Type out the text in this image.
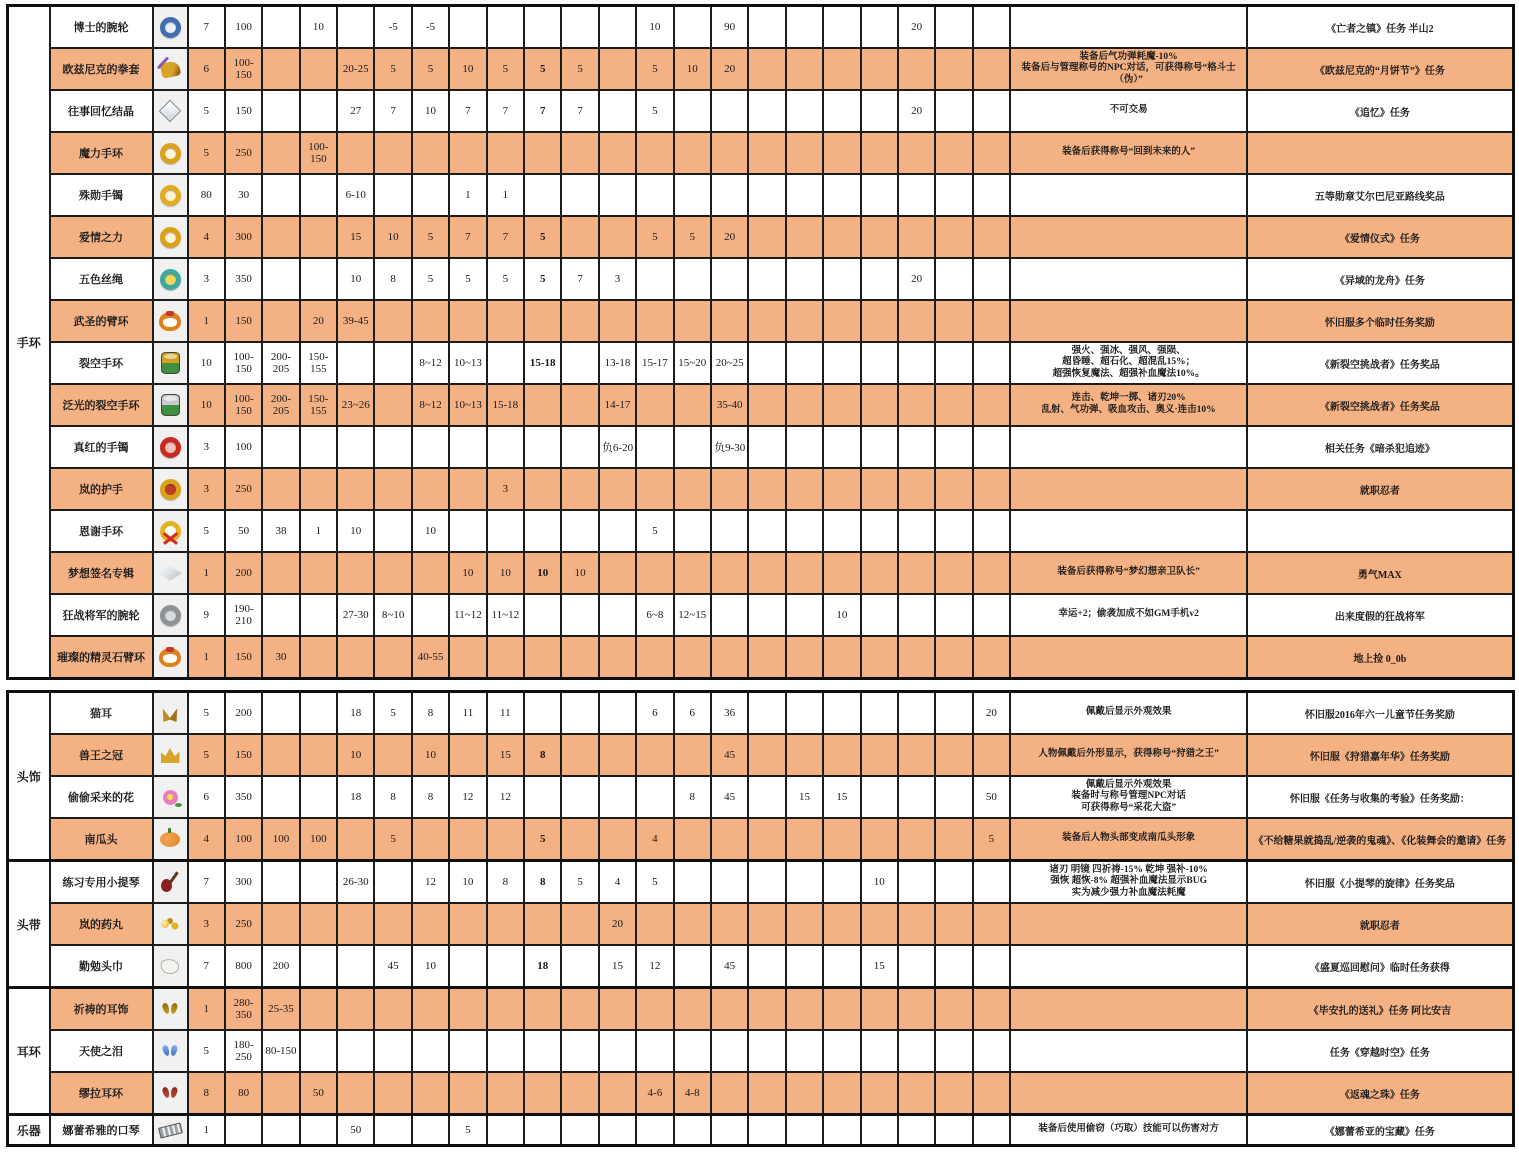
手环	博士的腕轮		7	100		10		-5	-5						10		90					20				《亡者之镇》任务 半山2
	欧兹尼克的拳套		6	100-150			20-25	5	5	10	5	5	5		5	10	20								装备后气功弹耗魔-10%
装备后与管理称号的NPC对话，可获得称号“格斗士（伪）”	《欧兹尼克的“月饼节”》任务
	往事回忆结晶		5	150			27	7	10	7	7	7	7		5							20			不可交易	《追忆》任务
	魔力手环		5	250		100-150																			装备后获得称号“回到未来的人”	

	殊勋手镯		80	30			6-10			1	1															五等勋章艾尔巴尼亚路线奖品
	爱情之力		4	300			15	10	5	7	7	5			5	5	20									《爱情仪式》任务
	五色丝绳		3	350			10	8	5	5	5	5	7	3								20				《异域的龙舟》任务
	武圣的臂环		1	150		20	39-45																			怀旧服多个临时任务奖励
	裂空手环		10	100-150	200-205	150-155			8~12	10~13		15-18		13-18	15-17	15~20	20~25								强火、强冰、强风、强陨、
超昏睡、超石化、超混乱15%；
超强恢复魔法、超强补血魔法10%。	《新裂空挑战者》任务奖品
	泛光的裂空手环		10	100-150	200-205	150-155	23~26		8~12	10~13	15-18			14-17			35-40								连击、乾坤一掷、诸刃20%
乱射、气功弹、吸血攻击、奥义·连击10%	《新裂空挑战者》任务奖品
	真红的手镯		3	100										负6-20			负9-30									相关任务《暗杀犯追迹》
	岚的护手		3	250							3															就职忍者
	恩谢手环		5	50	38	1	10		10						5											
	梦想签名专辑		1	200						10	10	10	10												装备后获得称号“梦幻想亲卫队长”	勇气MAX
	狂战将军的腕轮		9	190-210			27-30	8~10		11~12	11~12				6~8	12~15				10					幸运+2；偷袭加成不如GM手机v2	出来度假的狂战将军
	璀璨的精灵石臂环		1	150	30				40-55																	地上捡 0_0b
头饰	猫耳		5	200			18	5	8	11	11				6	6	36							20	佩戴后显示外观效果	怀旧服2016年六一儿童节任务奖励
	兽王之冠		5	150			10		10		15	8					45								人物佩戴后外形显示，获得称号“狩猎之王”	怀旧服《狩猎嘉年华》任务奖励
	偷偷采来的花		6	350			18	8	8	12	12					8	45		15	15				50	佩戴后显示外观效果
装备时与称号管理NPC对话
可获得称号“采花大盗”	怀旧服《任务与收集的考验》任务奖励：
	南瓜头		4	100	100	100		5				5			4									5	装备后人物头部变成南瓜头形象	《不给糖果就捣乱/逆袭的鬼魂》、《化装舞会的邀请》任务
头带	练习专用小提琴		7	300			26-30		12	10	8	8	5	4	5						10				诸刃 明镜 四祈祷-15% 乾坤 强补-10%
强恢 超恢-8% 超强补血魔法显示BUG
实为减少强力补血魔法耗魔	怀旧服《小提琴的旋律》任务奖品
	岚的药丸		3	250										20												就职忍者
	勤勉头巾		7	800	200			45	10			18		15	12		45				15					《盛夏巡回慰问》临时任务获得
耳环	祈祷的耳饰		1	280-350	25-35																					《毕安扎的送礼》任务 阿比安吉
	天使之泪		5	180-250	80-150																					任务《穿越时空》任务
	缪拉耳环		8	80		50									4-6	4-8										《返魂之珠》任务
乐器	娜蕾希雅的口琴		1				50			5															装备后使用偷窃（巧取）技能可以伤害对方	《娜蕾希亚的宝藏》任务
